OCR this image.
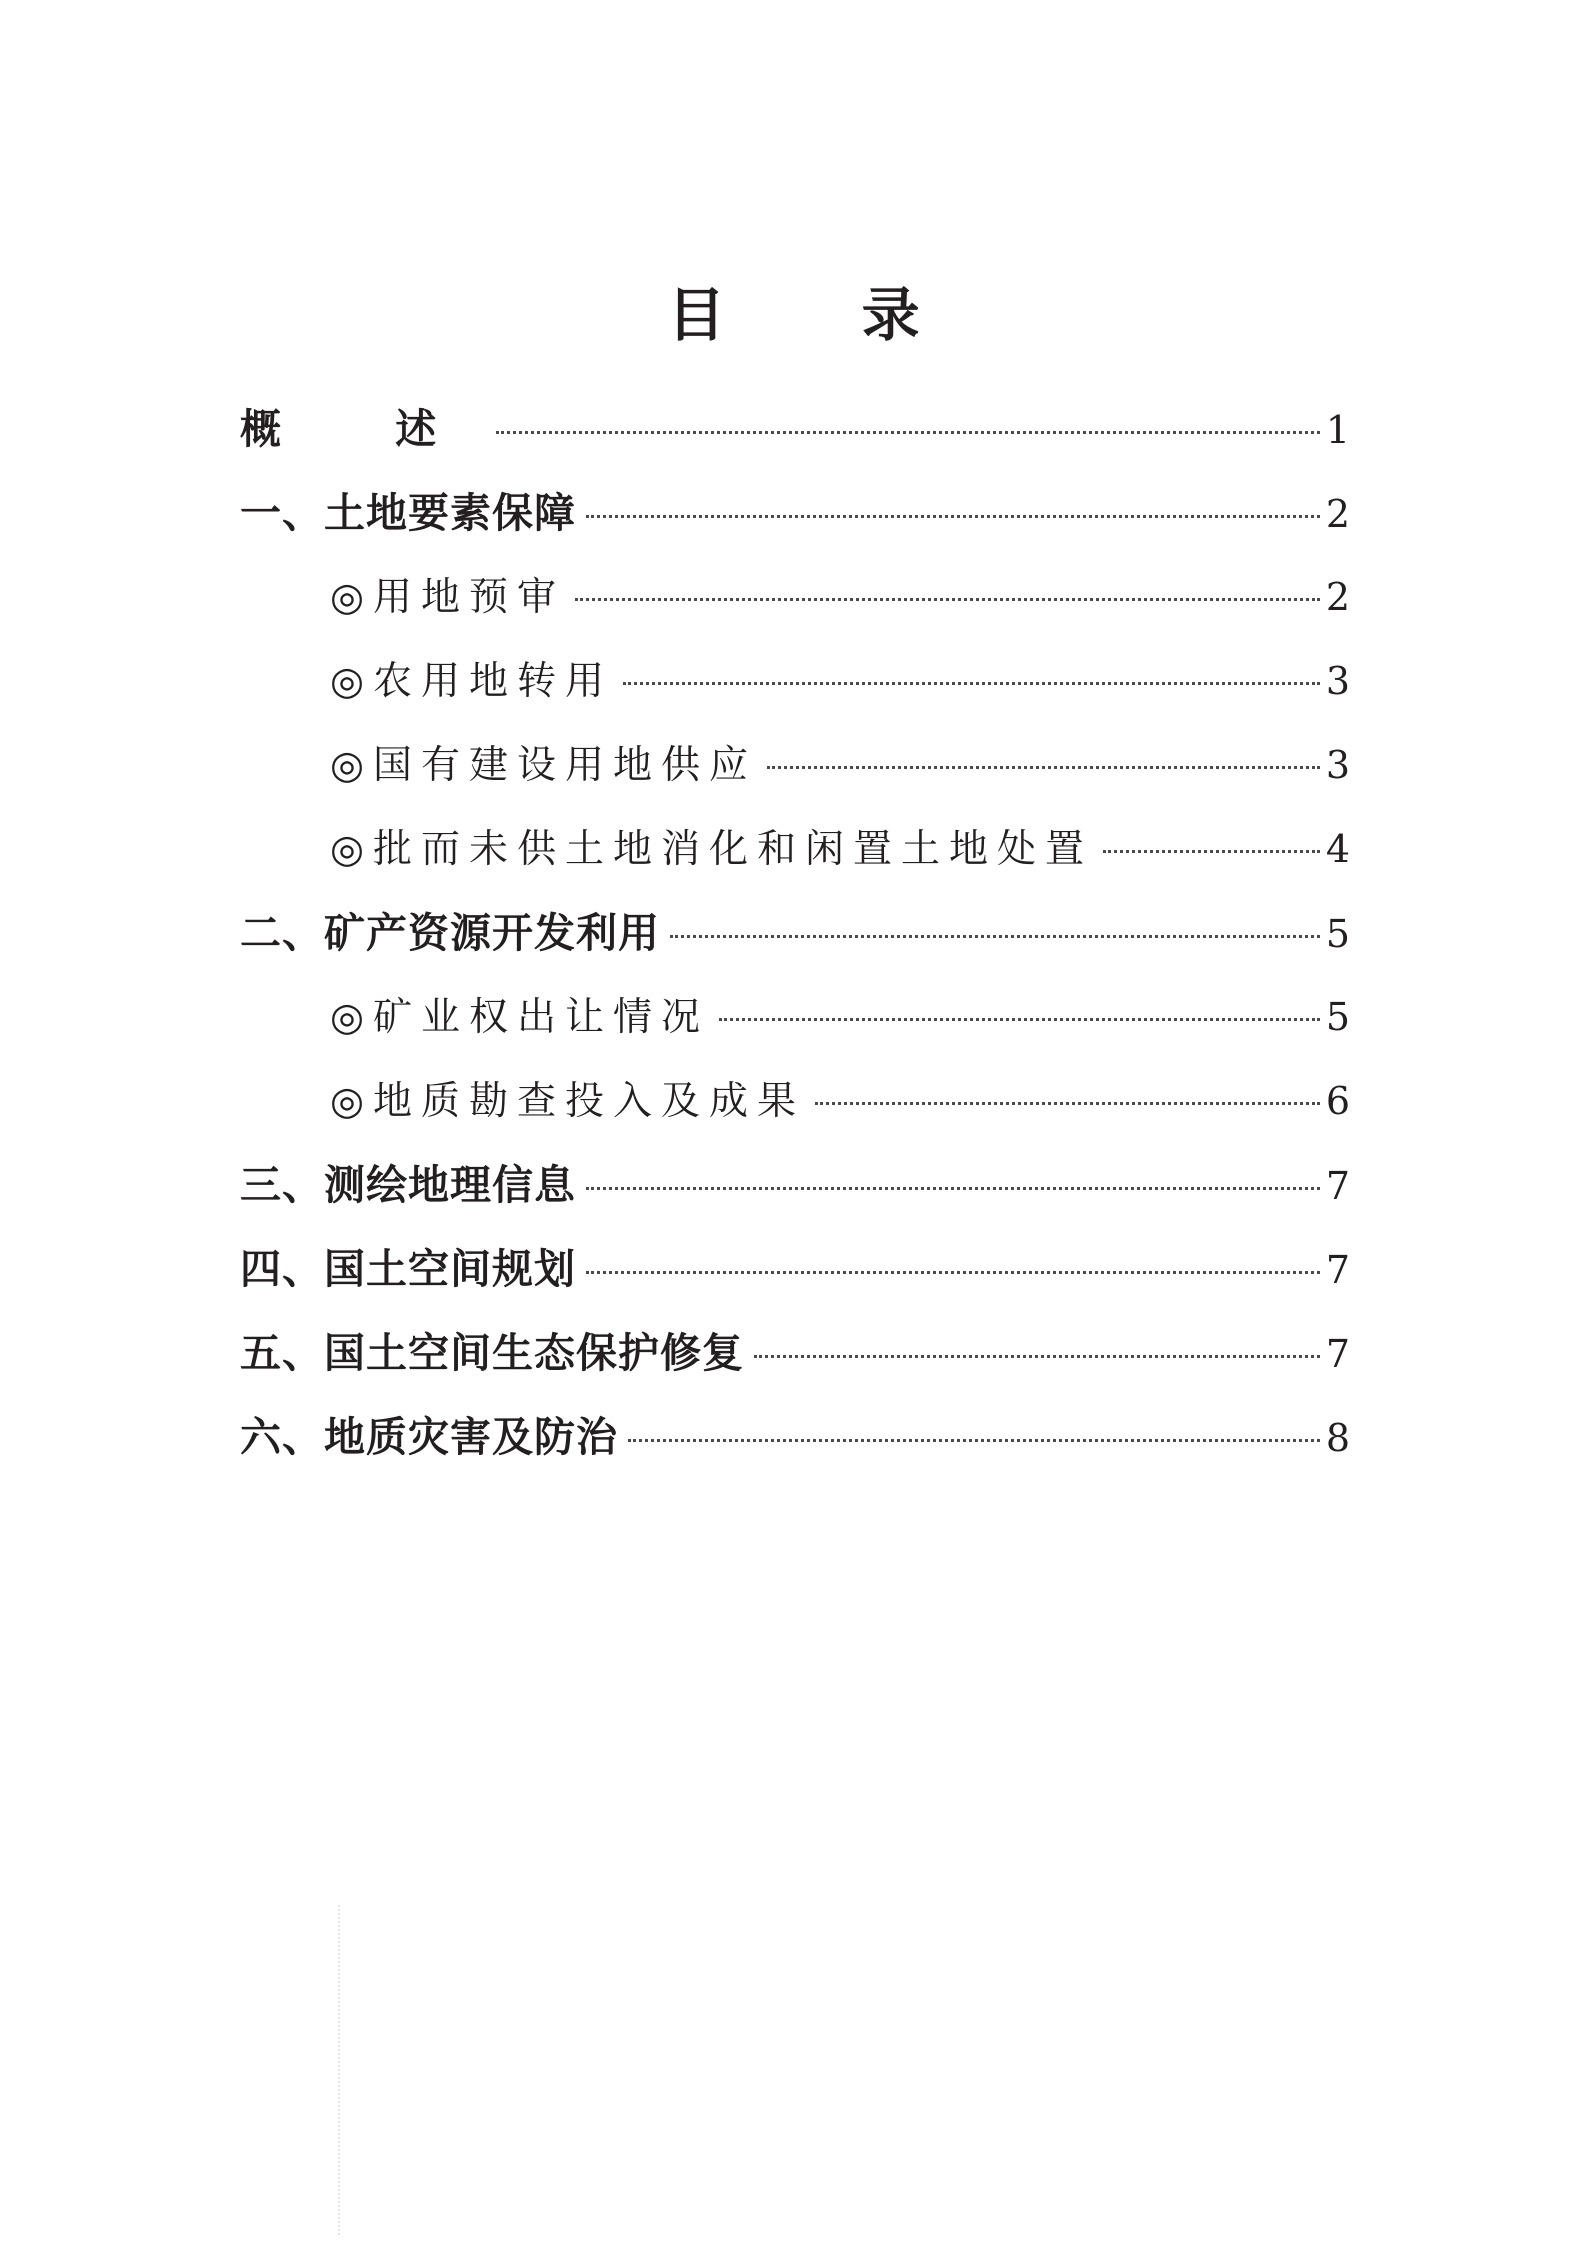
目 录
概 述	1
一、土地要素保障	2
◎用地预审	2
◎农用地转用	3
◎国有建设用地供应	3
◎批而未供土地消化和闲置土地处置	4
二、矿产资源开发利用	5
◎矿业权出让情况	5
◎地质勘查投入及成果	6
三、测绘地理信息	7
四、国土空间规划	7
五、国土空间生态保护修复	7
六、地质灾害及防治	8
